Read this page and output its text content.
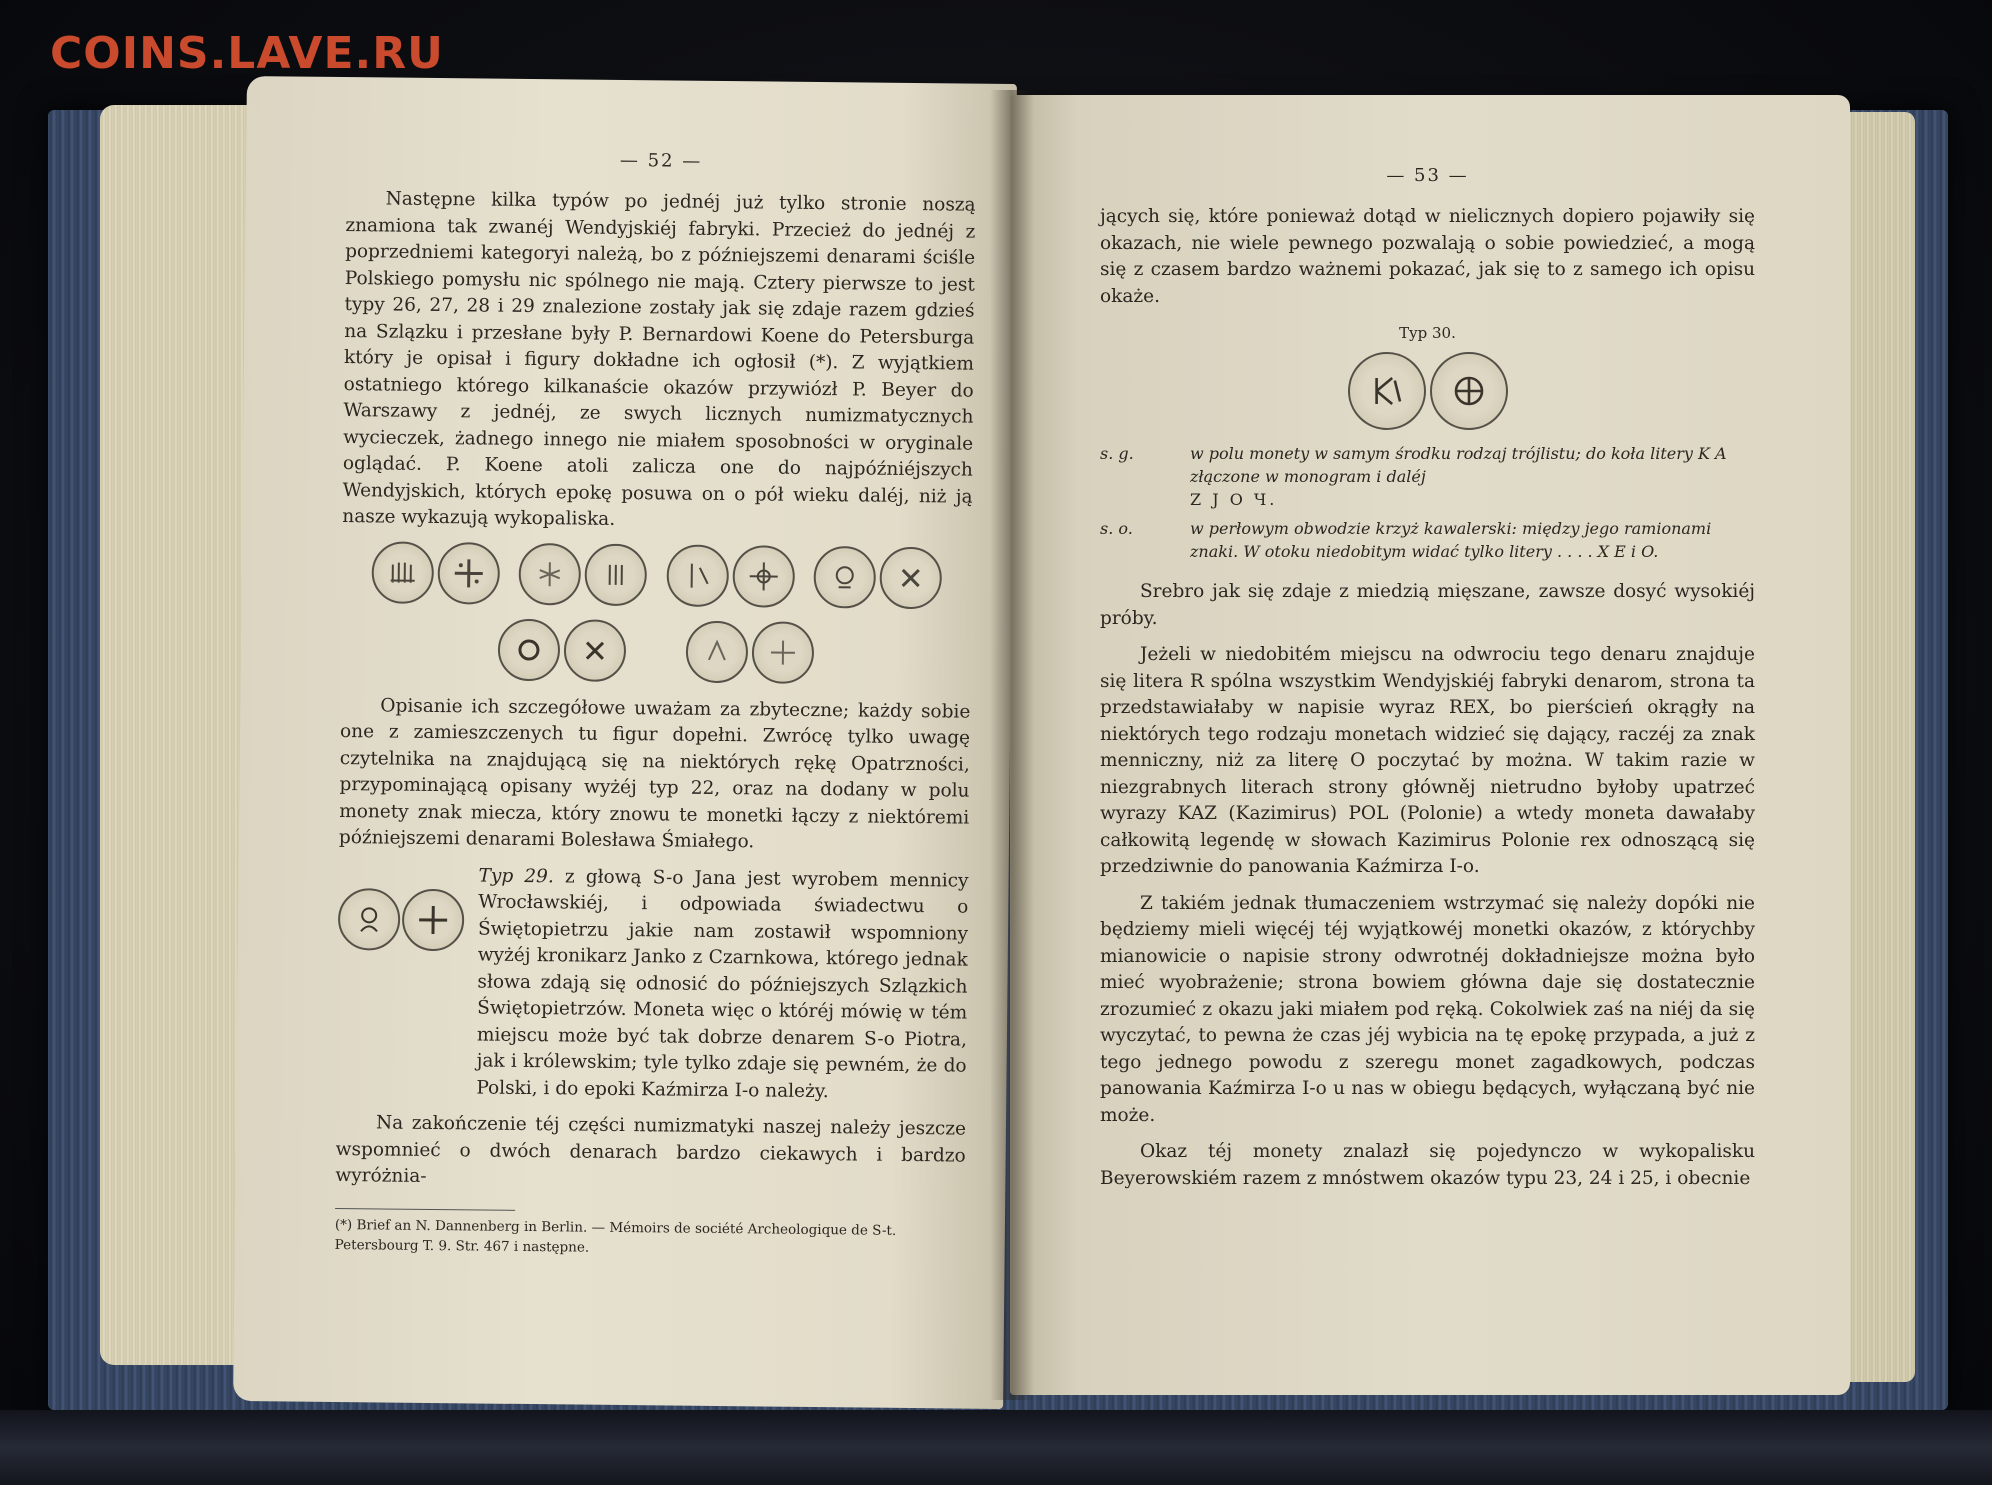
— 52 —

Następne kilka typów po jednéj już tylko stronie noszą znamiona tak zwanéj Wendyjskiéj fabryki. Przecież do jednéj z poprzedniemi kategoryi należą, bo z późniejszemi denarami ściśle Polskiego pomysłu nic spólnego nie mają. Cztery pierwsze to jest typy 26, 27, 28 i 29 znalezione zostały jak się zdaje razem gdzieś na Szlązku i przesłane były P. Bernardowi Koene do Petersburga który je opisał i figury dokładne ich ogłosił (*). Z wyjątkiem ostatniego którego kilkanaście okazów przywiózł P. Beyer do Warszawy z jednéj, ze swych licznych numizmatycznych wycieczek, żadnego innego nie miałem sposobności w oryginale oglądać. P. Koene atoli zalicza one do najpóźniéjszych Wendyjskich, których epokę posuwa on o pół wieku daléj, niż ją nasze wykazują wykopaliska.

Opisanie ich szczegółowe uważam za zbyteczne; każdy sobie one z zamieszczenych tu figur dopełni. Zwrócę tylko uwagę czytelnika na znajdującą się na niektórych rękę Opatrzności, przypominającą opisany wyżéj typ 22, oraz na dodany w polu monety znak miecza, który znowu te monetki łączy z niektóremi późniejszemi denarami Bolesława Śmiałego.

Typ 29. z głową S-o Jana jest wyrobem mennicy Wrocławskiéj, i odpowiada świadectwu o Świętopietrzu jakie nam zostawił wspomniony wyżéj kronikarz Janko z Czarnkowa, którego jednak słowa zdają się odnosić do późniejszych Szlązkich Świętopietrzów. Moneta więc o któréj mówię w tém miejscu może być tak dobrze denarem S-o Piotra, jak i królewskim; tyle tylko zdaje się pewném, że do Polski, i do epoki Kaźmirza I-o należy.

Na zakończenie téj części numizmatyki naszej należy jeszcze wspomnieć o dwóch denarach bardzo ciekawych i bardzo wyróżnia-

(*) Brief an N. Dannenberg in Berlin. — Mémoirs de société Archeologique de S-t. Petersbourg T. 9. Str. 467 i następne.
— 53 —

jących się, które ponieważ dotąd w nielicznych dopiero pojawiły się okazach, nie wiele pewnego pozwalają o sobie powiedzieć, a mogą się z czasem bardzo ważnemi pokazać, jak się to z samego ich opisu okaże.

Typ 30.
s. g.	w polu monety w samym środku rodzaj trójlistu; do koła litery K A złączone w monogram i daléj
Z J O Ч.
s. o.	w perłowym obwodzie krzyż kawalerski: między jego ramionami znaki. W otoku niedobitym widać tylko litery . . . . X E i O.

Srebro jak się zdaje z miedzią mięszane, zawsze dosyć wysokiéj próby.

Jeżeli w niedobitém miejscu na odwrociu tego denaru znajduje się litera R spólna wszystkim Wendyjskiéj fabryki denarom, strona ta przedstawiałaby w napisie wyraz REX, bo pierścień okrągły na niektórych tego rodzaju monetach widzieć się dający, raczéj za znak menniczny, niż za literę O poczytać by można. W takim razie w niezgrabnych literach strony główněj nietrudno byłoby upatrzeć wyrazy KAZ (Kazimirus) POL (Polonie) a wtedy moneta dawałaby całkowitą legendę w słowach Kazimirus Polonie rex odnoszącą się przedziwnie do panowania Kaźmirza I-o.

Z takiém jednak tłumaczeniem wstrzymać się należy dopóki nie będziemy mieli więcéj téj wyjątkowéj monetki okazów, z którychby mianowicie o napisie strony odwrotnéj dokładniejsze można było mieć wyobrażenie; strona bowiem główna daje się dostatecznie zrozumieć z okazu jaki miałem pod ręką. Cokolwiek zaś na niéj da się wyczytać, to pewna że czas jéj wybicia na tę epokę przypada, a już z tego jednego powodu z szeregu monet zagadkowych, podczas panowania Kaźmirza I-o u nas w obiegu będących, wyłączaną być nie może.

Okaz téj monety znalazł się pojedynczo w wykopalisku Beyerowskiém razem z mnóstwem okazów typu 23, 24 i 25, i obecnie

COINS.LAVE.RU
